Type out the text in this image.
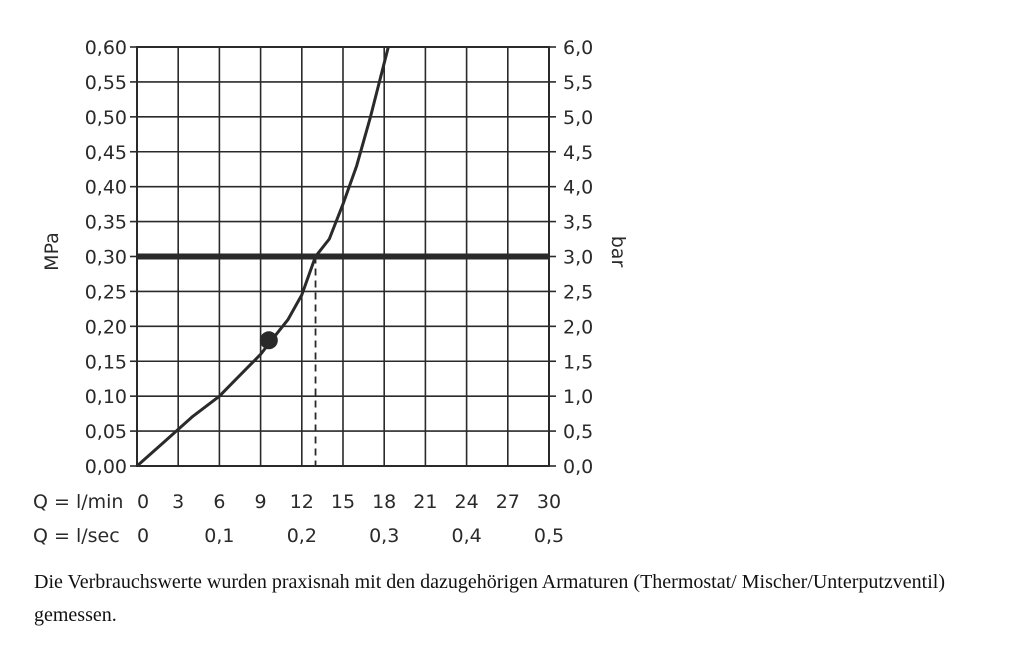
0,00
0,05
0,10
0,15
0,20
0,25
0,30
0,35
0,40
0,45
0,50
0,55
0,60
0,0
0,5
1,0
1,5
2,0
2,5
3,0
3,5
4,0
4,5
5,0
5,5
6,0
Q = l/min 0 3 6 9 12 15 18 21 24 27 30
Q = l/sec 0	0,1	0,2	0,3	0,4	0,5
MPa	bar

Die Verbrauchswerte wurden praxisnah mit den dazugehörigen Armaturen (Thermostat/ Mischer/Unterputzventil) gemessen.
